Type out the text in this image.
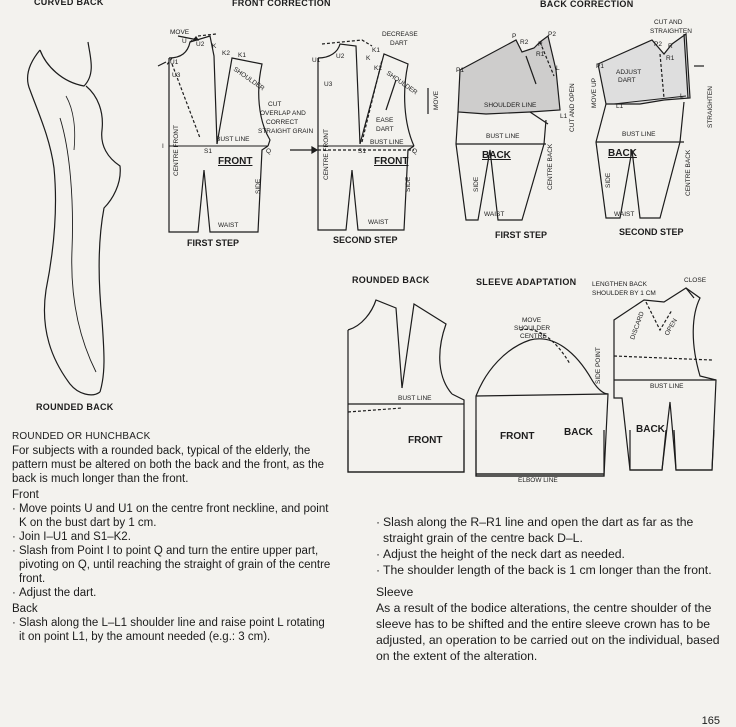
CURVED BACK	FRONT CORRECTION	BACK CORRECTION
ROUNDED BACK
ROUNDED BACK	SLEEVE ADAPTATION
FIRST STEP	SECOND STEP	FIRST STEP	SECOND STEP
MOVE
U U2
U1
U3
K
K2 K1
SHOULDER
CENTRE FRONT
I
S1	Q
BUST LINE
FRONT
SIDE
WAIST
CUT
OVERLAP AND
CORRECT
STRAIGHT GRAIN
DECREASE
DART
U1
U2	K
K2
K1
U3	SHOULDER
MOVE
EASE
DART
CENTRE FRONT	BUST LINE
S1	Q
FRONT
SIDE
WAIST
P
R2 R
R1
P2
P1	L
L1
SHOULDER LINE	CUT AND OPEN
BUST LINE
BACK	CENTRE BACK
SIDE
WAIST
CUT AND
STRAIGHTEN
P2 R
R1
P1
ADJUST
DART
MOVE UP	L1
L	STRAIGHTEN
BUST LINE
BACK	CENTRE BACK
SIDE
WAIST
BUST LINE
FRONT
MOVE
SHOULDER
CENTRE
SIDE POINT
FRONT	BACK
ELBOW LINE
LENGTHEN BACK
SHOULDER BY 1 CM
CLOSE
DISCARD	OPEN
BUST LINE
BACK
ROUNDED OR HUNCHBACK

For subjects with a rounded back, typical of the elderly, the pattern must be altered on both the back and the front, as the back is much longer than the front.

Front
· Move points U and U1 on the centre front neckline, and point K on the bust dart by 1 cm.
· Join I–U1 and S1–K2.
· Slash from Point I to point Q and turn the entire upper part, pivoting on Q, until reaching the straight of grain of the centre front.
· Adjust the dart.
Back
· Slash along the L–L1 shoulder line and raise point L rotating it on point L1, by the amount needed (e.g.: 3 cm).
· Slash along the R–R1 line and open the dart as far as the straight grain of the centre back D–L.
· Adjust the height of the neck dart as needed.
· The shoulder length of the back is 1 cm longer than the front.
Sleeve

As a result of the bodice alterations, the centre shoulder of the sleeve has to be shifted and the entire sleeve crown has to be adjusted, an operation to be carried out on the individual, based on the extent of the alteration.

165
